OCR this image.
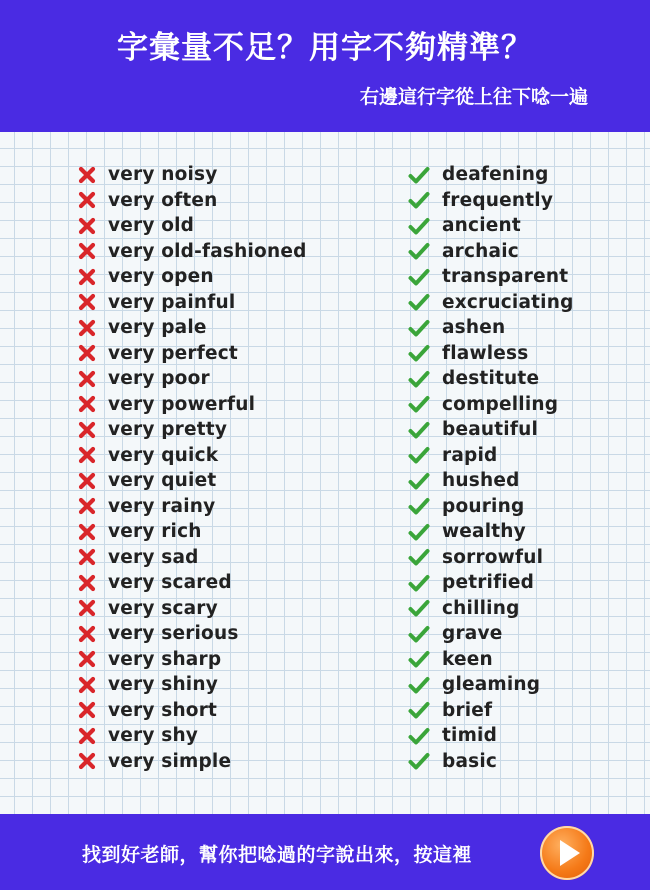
字彙量不足？用字不夠精準？
右邊這行字從上往下唸一遍
very noisy
very often
very old
very old-fashioned
very open
very painful
very pale
very perfect
very poor
very powerful
very pretty
very quick
very quiet
very rainy
very rich
very sad
very scared
very scary
very serious
very sharp
very shiny
very short
very shy
very simple
deafening
frequently
ancient
archaic
transparent
excruciating
ashen
flawless
destitute
compelling
beautiful
rapid
hushed
pouring
wealthy
sorrowful
petrified
chilling
grave
keen
gleaming
brief
timid
basic
找到好老師，幫你把唸過的字說出來，按這裡
